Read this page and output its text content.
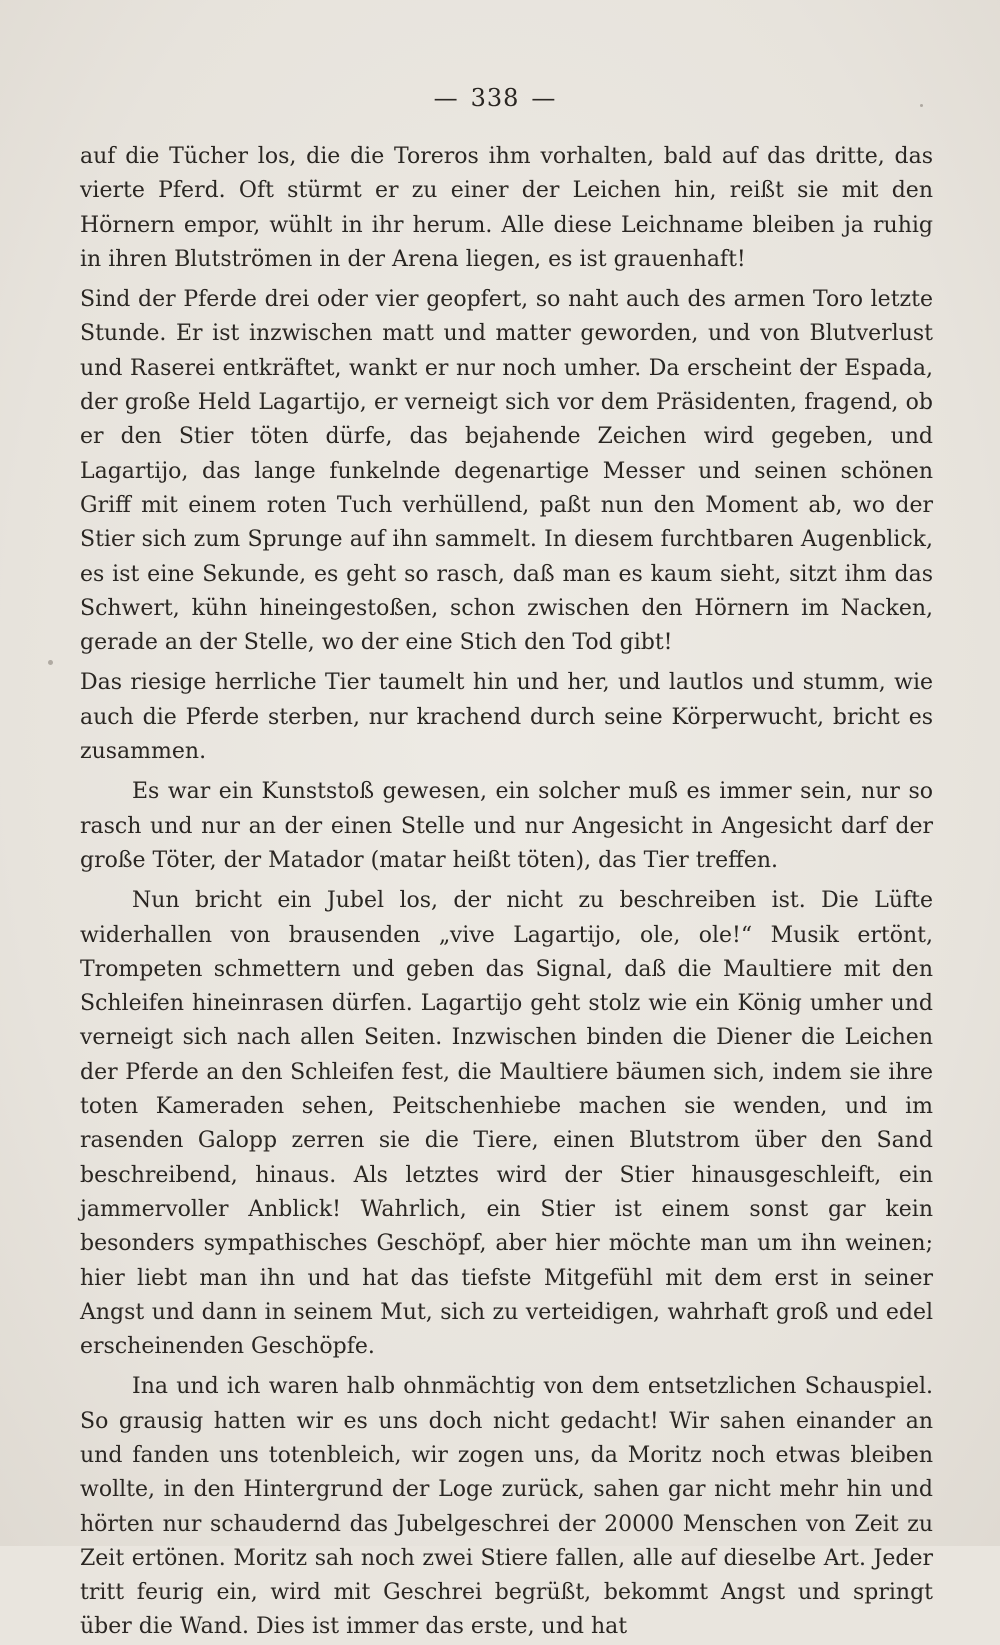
— 338 —

auf die Tücher los, die die Toreros ihm vorhalten, bald auf das dritte, das vierte Pferd. Oft stürmt er zu einer der Leichen hin, reißt sie mit den Hörnern empor, wühlt in ihr herum. Alle diese Leichname bleiben ja ruhig in ihren Blutströmen in der Arena liegen, es ist grauenhaft!

Sind der Pferde drei oder vier geopfert, so naht auch des armen Toro letzte Stunde. Er ist inzwischen matt und matter geworden, und von Blutverlust und Raserei entkräftet, wankt er nur noch umher. Da erscheint der Espada, der große Held Lagartijo, er verneigt sich vor dem Präsidenten, fragend, ob er den Stier töten dürfe, das bejahende Zeichen wird gegeben, und Lagartijo, das lange funkelnde degenartige Messer und seinen schönen Griff mit einem roten Tuch verhüllend, paßt nun den Moment ab, wo der Stier sich zum Sprunge auf ihn sammelt. In diesem furchtbaren Augenblick, es ist eine Sekunde, es geht so rasch, daß man es kaum sieht, sitzt ihm das Schwert, kühn hineingestoßen, schon zwischen den Hörnern im Nacken, gerade an der Stelle, wo der eine Stich den Tod gibt!

Das riesige herrliche Tier taumelt hin und her, und lautlos und stumm, wie auch die Pferde sterben, nur krachend durch seine Körperwucht, bricht es zusammen.

Es war ein Kunststoß gewesen, ein solcher muß es immer sein, nur so rasch und nur an der einen Stelle und nur Angesicht in Angesicht darf der große Töter, der Matador (matar heißt töten), das Tier treffen.

Nun bricht ein Jubel los, der nicht zu beschreiben ist. Die Lüfte widerhallen von brausenden „vive Lagartijo, ole, ole!“ Musik ertönt, Trompeten schmettern und geben das Signal, daß die Maultiere mit den Schleifen hineinrasen dürfen. Lagartijo geht stolz wie ein König umher und verneigt sich nach allen Seiten. Inzwischen binden die Diener die Leichen der Pferde an den Schleifen fest, die Maultiere bäumen sich, indem sie ihre toten Kameraden sehen, Peitschenhiebe machen sie wenden, und im rasenden Galopp zerren sie die Tiere, einen Blutstrom über den Sand beschreibend, hinaus. Als letztes wird der Stier hinausgeschleift, ein jammervoller Anblick! Wahrlich, ein Stier ist einem sonst gar kein besonders sympathisches Geschöpf, aber hier möchte man um ihn weinen; hier liebt man ihn und hat das tiefste Mitgefühl mit dem erst in seiner Angst und dann in seinem Mut, sich zu verteidigen, wahrhaft groß und edel erscheinenden Geschöpfe.

Ina und ich waren halb ohnmächtig von dem entsetzlichen Schauspiel. So grausig hatten wir es uns doch nicht gedacht! Wir sahen einander an und fanden uns totenbleich, wir zogen uns, da Moritz noch etwas bleiben wollte, in den Hintergrund der Loge zurück, sahen gar nicht mehr hin und hörten nur schaudernd das Jubelgeschrei der 20000 Menschen von Zeit zu Zeit ertönen. Moritz sah noch zwei Stiere fallen, alle auf dieselbe Art. Jeder tritt feurig ein, wird mit Geschrei begrüßt, bekommt Angst und springt über die Wand. Dies ist immer das erste, und hat
